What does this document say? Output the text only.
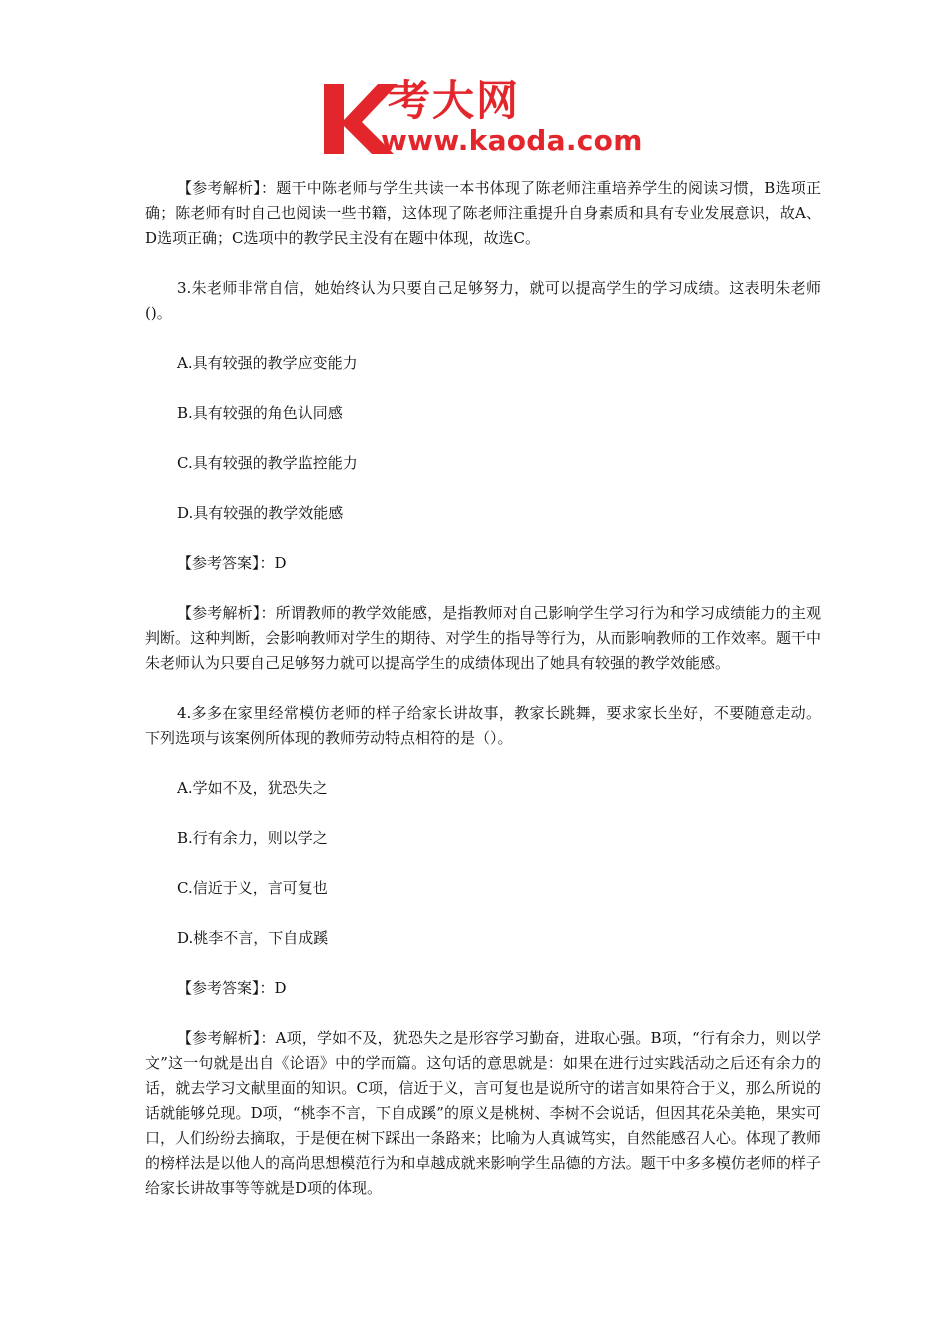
考大网
www.kaoda.com

【参考解析】：题干中陈老师与学生共读一本书体现了陈老师注重培养学生的阅读习惯，B选项正确；陈老师有时自己也阅读一些书籍，这体现了陈老师注重提升自身素质和具有专业发展意识，故A、D选项正确；C选项中的教学民主没有在题中体现，故选C。

3.朱老师非常自信，她始终认为只要自己足够努力，就可以提高学生的学习成绩。这表明朱老师()。

A.具有较强的教学应变能力

B.具有较强的角色认同感

C.具有较强的教学监控能力

D.具有较强的教学效能感

【参考答案】：D

【参考解析】：所谓教师的教学效能感，是指教师对自己影响学生学习行为和学习成绩能力的主观判断。这种判断，会影响教师对学生的期待、对学生的指导等行为，从而影响教师的工作效率。题干中朱老师认为只要自己足够努力就可以提高学生的成绩体现出了她具有较强的教学效能感。

4.多多在家里经常模仿老师的样子给家长讲故事，教家长跳舞，要求家长坐好，不要随意走动。下列选项与该案例所体现的教师劳动特点相符的是（）。

A.学如不及，犹恐失之

B.行有余力，则以学之

C.信近于义，言可复也

D.桃李不言，下自成蹊

【参考答案】：D

【参考解析】：A项，学如不及，犹恐失之是形容学习勤奋，进取心强。B项，“行有余力，则以学文”这一句就是出自《论语》中的学而篇。这句话的意思就是：如果在进行过实践活动之后还有余力的话，就去学习文献里面的知识。C项，信近于义，言可复也是说所守的诺言如果符合于义，那么所说的话就能够兑现。D项，“桃李不言，下自成蹊”的原义是桃树、李树不会说话，但因其花朵美艳，果实可口，人们纷纷去摘取，于是便在树下踩出一条路来；比喻为人真诚笃实，自然能感召人心。体现了教师的榜样法是以他人的高尚思想模范行为和卓越成就来影响学生品德的方法。题干中多多模仿老师的样子给家长讲故事等等就是D项的体现。
